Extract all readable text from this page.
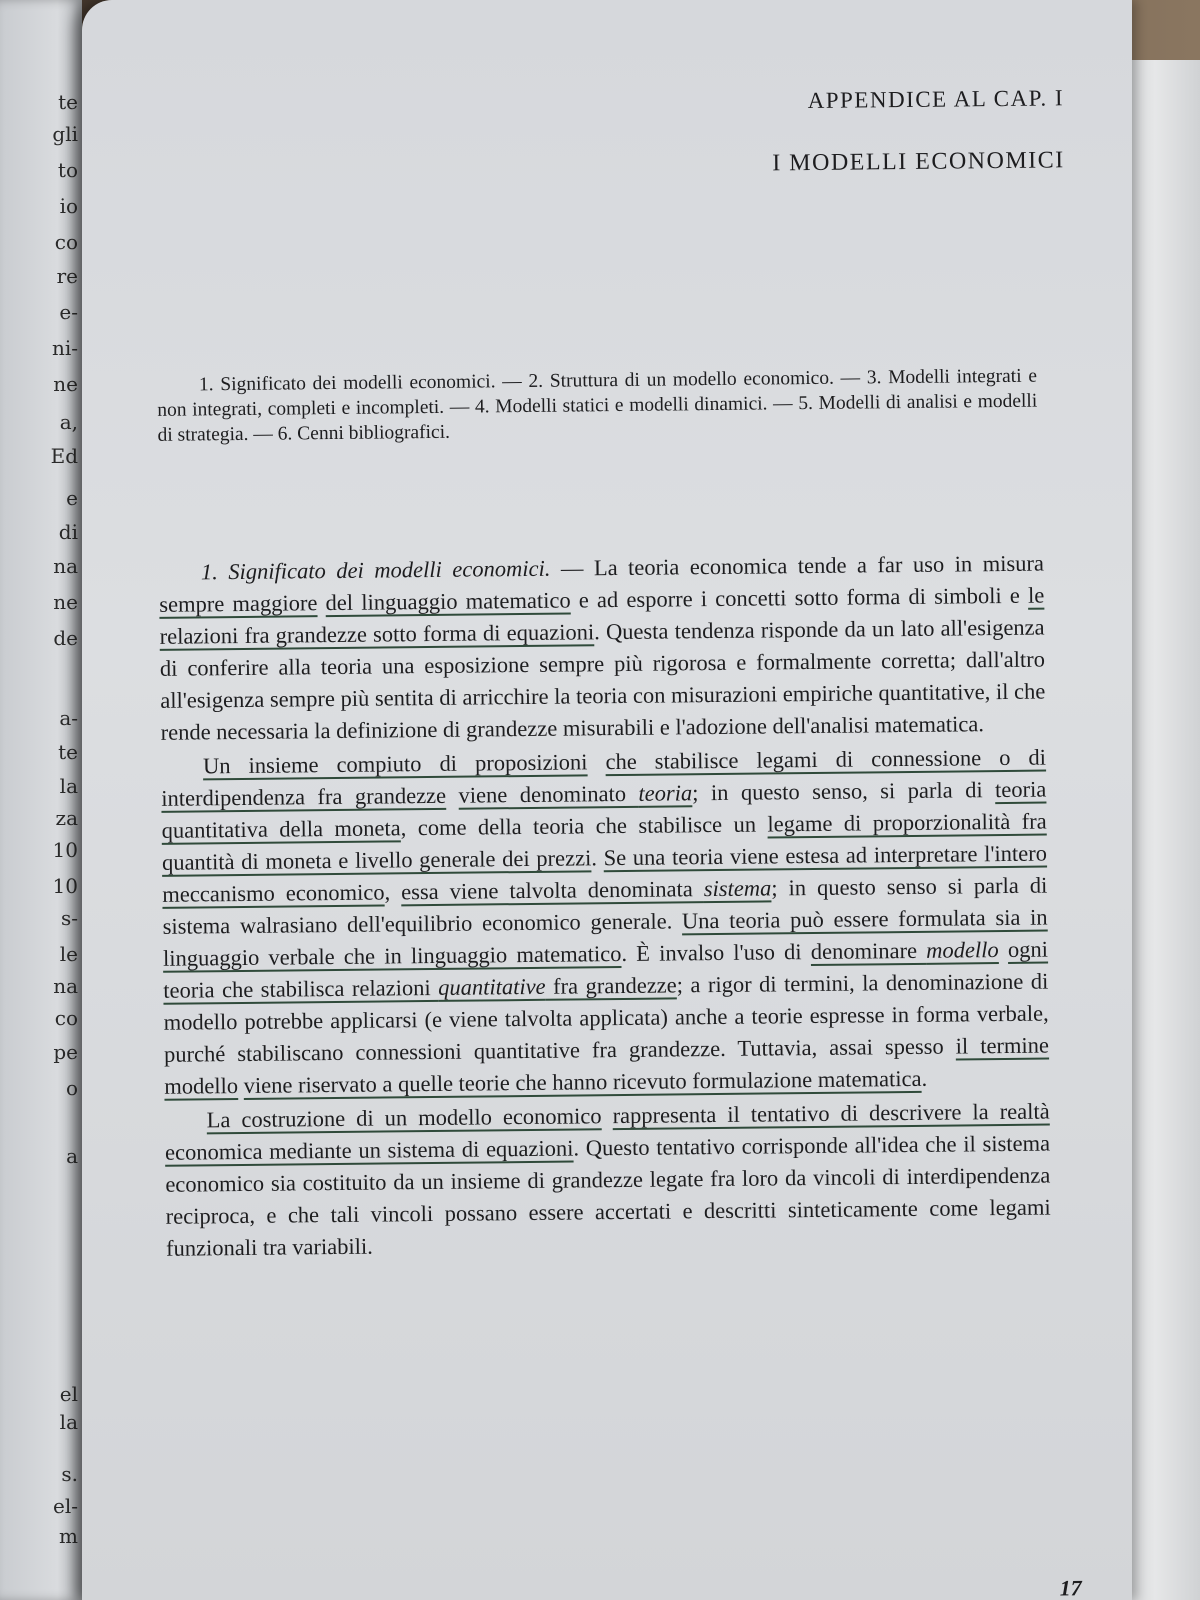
te
gli
to
io
co
re
e-
ni-
ne
a,
Ed
e
di
na
ne
de
a-
te
la
za
10
10
s-
le
na
co
pe
o
a
el
la
s.
el-
m
APPENDICE AL CAP. I
I MODELLI ECONOMICI
1. Significato dei modelli economici. — 2. Struttura di un modello economico. — 3. Modelli integrati e non integrati, completi e incompleti. — 4. Modelli statici e modelli dinamici. — 5. Modelli di analisi e modelli di strategia. — 6. Cenni bibliografici.

1. Significato dei modelli economici. — La teoria economica tende a far uso in misura sempre maggiore del linguaggio matematico e ad esporre i concetti sotto forma di simboli e le relazioni fra grandezze sotto forma di equazioni. Questa tendenza risponde da un lato all'esigenza di conferire alla teoria una esposizione sempre più rigorosa e formalmente corretta; dall'altro all'esigenza sempre più sentita di arricchire la teoria con misurazioni empiriche quantitative, il che rende necessaria la definizione di grandezze misurabili e l'adozione dell'analisi matematica.

Un insieme compiuto di proposizioni che stabilisce legami di connessione o di interdipendenza fra grandezze viene denominato teoria; in questo senso, si parla di teoria quantitativa della moneta, come della teoria che stabilisce un legame di proporzionalità fra quantità di moneta e livello generale dei prezzi. Se una teoria viene estesa ad interpretare l'intero meccanismo economico, essa viene talvolta denominata sistema; in questo senso si parla di sistema walrasiano dell'equilibrio economico generale. Una teoria può essere formulata sia in linguaggio verbale che in linguaggio matematico. È invalso l'uso di denominare modello ogni teoria che stabilisca relazioni quantitative fra grandezze; a rigor di termini, la denominazione di modello potrebbe applicarsi (e viene talvolta applicata) anche a teorie espresse in forma verbale, purché stabiliscano connessioni quantitative fra grandezze. Tuttavia, assai spesso il termine modello viene riservato a quelle teorie che hanno ricevuto formulazione matematica.

La costruzione di un modello economico rappresenta il tentativo di descrivere la realtà economica mediante un sistema di equazioni. Questo tentativo corrisponde all'idea che il sistema economico sia costituito da un insieme di grandezze legate fra loro da vincoli di interdipendenza reciproca, e che tali vincoli possano essere accertati e descritti sinteticamente come legami funzionali tra variabili.

17
